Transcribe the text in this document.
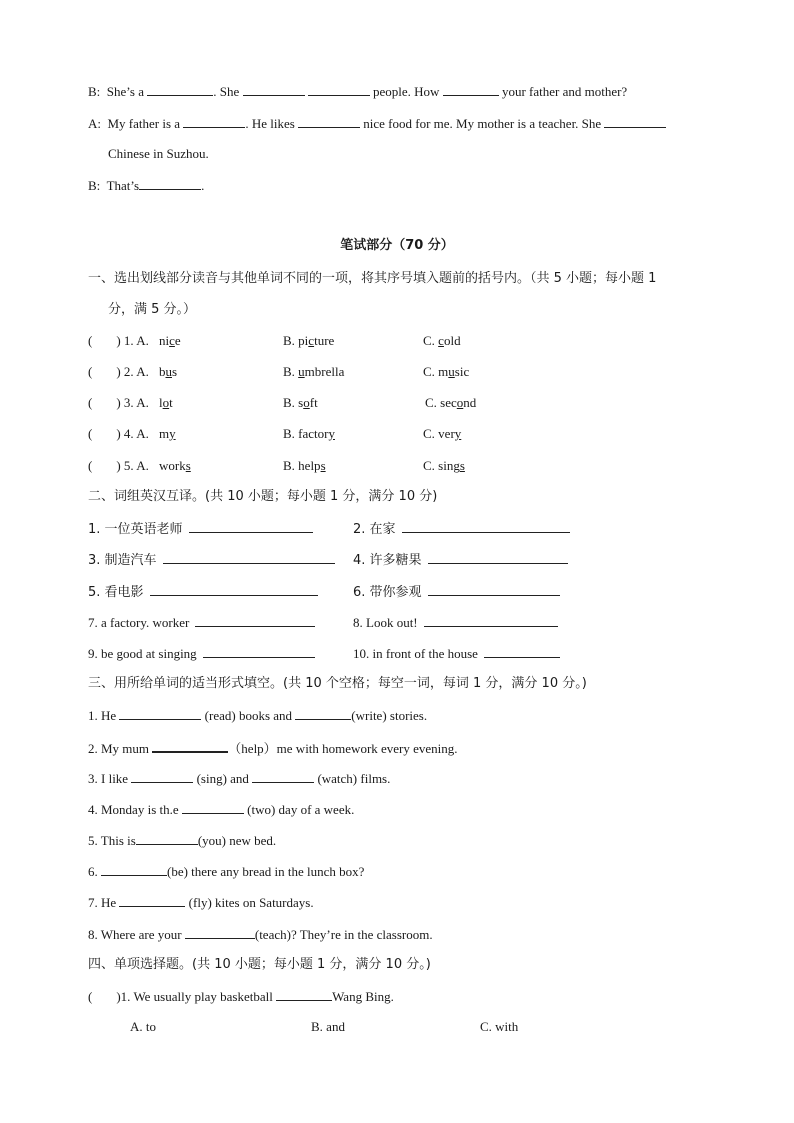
B: She’s a	. She	people. How	your father and mother?
A: My father is a	. He likes	nice food for me. My mother is a teacher. She
Chinese in Suzhou.
B: That’s	.
笔试部分（70 分）
一、选出划线部分读音与其他单词不同的一项，将其序号填入题前的括号内。（共 5 小题；每小题 1
分，满 5 分。）
( ) 1. A. nice	B. picture	C. cold
( ) 2. A. bus	B. umbrella	C. music
( ) 3. A. lot	B. soft	C. second
( ) 4. A. my	B. factory	C. very
( ) 5. A. works	B. helps	C. sings
二、词组英汉互译。(共 10 小题；每小题 1 分，满分 10 分)
1. 一位英语老师	2. 在家
3. 制造汽车	4. 许多糖果
5. 看电影	6. 带你参观
7. a factory. worker	8. Look out!
9. be good at singing	10. in front of the house
三、用所给单词的适当形式填空。(共 10 个空格；每空一词，每词 1 分，满分 10 分。)
1. He	(read) books and	(write) stories.
2. My mum	（help）me with homework every evening.
3. I like	(sing) and	(watch) films.
4. Monday is th.e	(two) day of a week.
5. This is	(you) new bed.
6.	(be) there any bread in the lunch box?
7. He	(fly) kites on Saturdays.
8. Where are your	(teach)? They’re in the classroom.
四、单项选择题。(共 10 小题；每小题 1 分，满分 10 分。)
( )1. We usually play basketball	Wang Bing.
A. to	B. and	C. with
